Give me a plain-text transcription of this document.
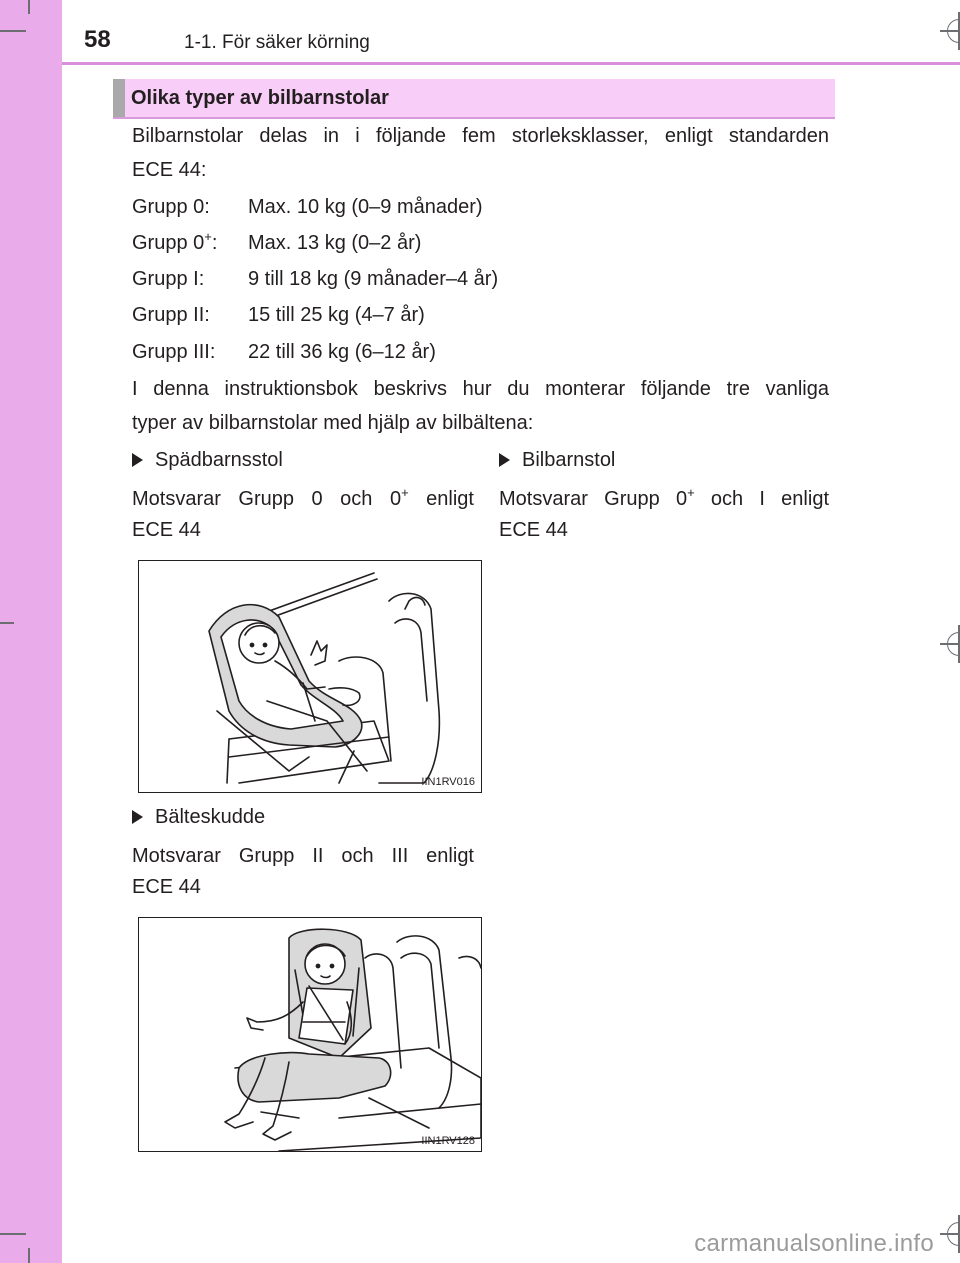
58	1-1. För säker körning
Olika typer av bilbarnstolar
Bilbarnstolar delas in i följande fem storleksklasser, enligt standarden
ECE 44:
Grupp 0: Max. 10 kg (0–9 månader)
Grupp 0+: Max. 13 kg (0–2 år)
Grupp I: 9 till 18 kg (9 månader–4 år)
Grupp II: 15 till 25 kg (4–7 år)
Grupp III: 22 till 36 kg (6–12 år)
I denna instruktionsbok beskrivs hur du monterar följande tre vanliga
typer av bilbarnstolar med hjälp av bilbältena:
Spädbarnsstol
Motsvarar Grupp 0 och 0+ enligt
ECE 44
Bilbarnstol
Motsvarar Grupp 0+ och I enligt
ECE 44
IIN1RV016
Bälteskudde
Motsvarar Grupp II och III enligt
ECE 44
IIN1RV128
carmanualsonline.info
